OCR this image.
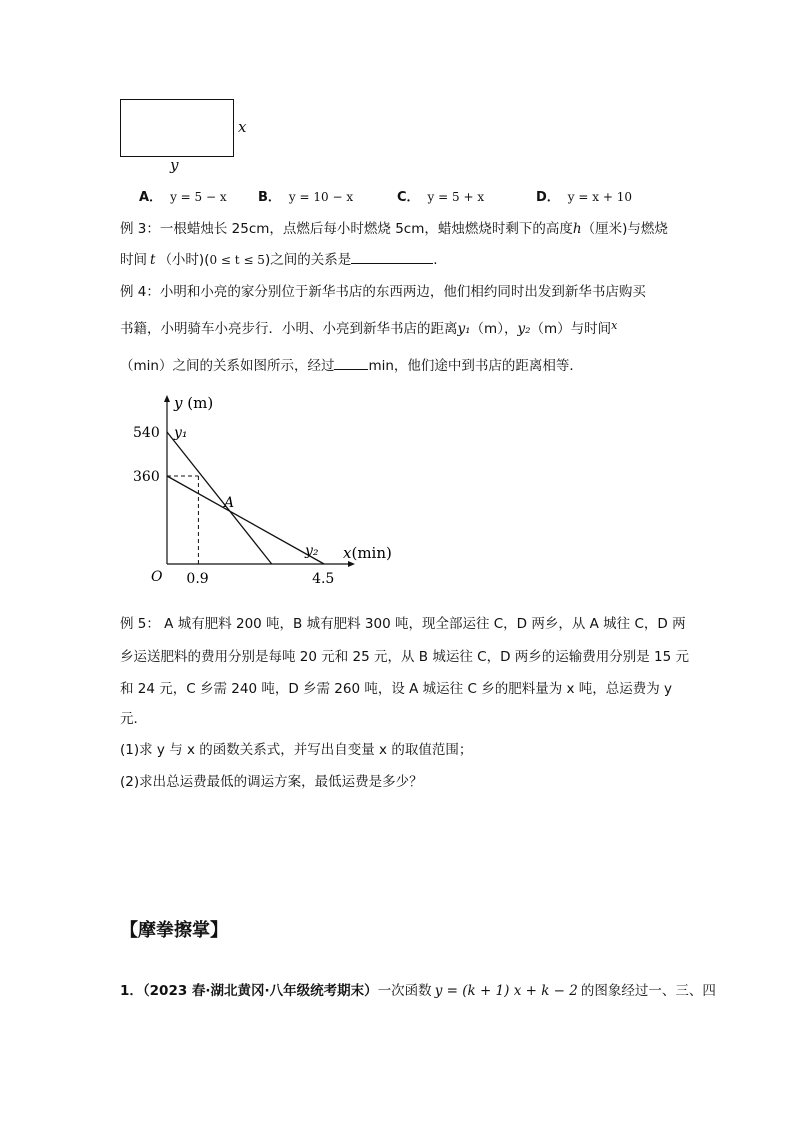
x
y
A． y = 5 − x B． y = 10 − x	C． y = 5 + x	D． y = x + 10
例 3：一根蜡烛长 25cm，点燃后每小时燃烧 5cm，蜡烛燃烧时剩下的高度h（厘米)与燃烧
时间 t （小时)(0 ≤ t ≤ 5)之间的关系是	.
例 4：小明和小亮的家分别位于新华书店的东西两边，他们相约同时出发到新华书店购买
书籍，小明骑车小亮步行．小明、小亮到新华书店的距离y₁（m），y₂（m）与时间$^x$
（min）之间的关系如图所示，经过	min，他们途中到书店的距离相等．
y (m)
x(min)
O
540
360
0.9	4.5
y₁
y₂
A
例 5： A 城有肥料 200 吨，B 城有肥料 300 吨，现全部运往 C，D 两乡，从 A 城往 C，D 两
乡运送肥料的费用分别是每吨 20 元和 25 元，从 B 城运往 C，D 两乡的运输费用分别是 15 元
和 24 元，C 乡需 240 吨，D 乡需 260 吨，设 A 城运往 C 乡的肥料量为 x 吨，总运费为 y
元．
(1)求 y 与 x 的函数关系式，并写出自变量 x 的取值范围；
(2)求出总运费最低的调运方案，最低运费是多少？
【摩拳擦掌】
1．（2023 春·湖北黄冈·八年级统考期末）一次函数 y = (k + 1) x + k − 2 的图象经过一、三、四
